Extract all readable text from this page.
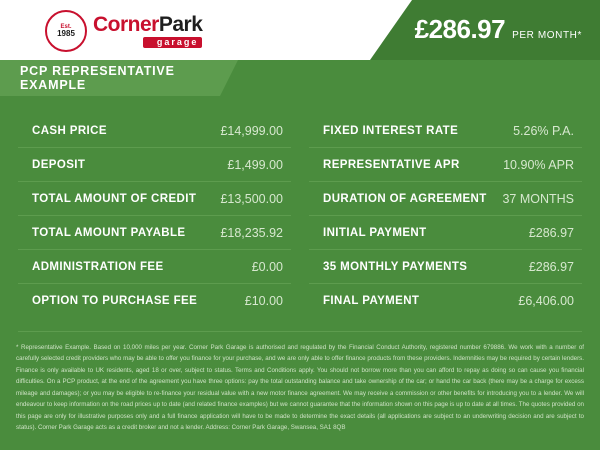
Est.
1985 CornerPark
garage	£286.97 PER MONTH*
PCP REPRESENTATIVE EXAMPLE
CASH PRICE	£14,999.00
DEPOSIT	£1,499.00
TOTAL AMOUNT OF CREDIT £13,500.00
TOTAL AMOUNT PAYABLE	£18,235.92
ADMINISTRATION FEE	£0.00
OPTION TO PURCHASE FEE	£10.00
FIXED INTEREST RATE	5.26% P.A.
REPRESENTATIVE APR	10.90% APR
DURATION OF AGREEMENT 37 MONTHS
INITIAL PAYMENT	£286.97
35 MONTHLY PAYMENTS	£286.97
FINAL PAYMENT	£6,406.00
* Representative Example. Based on 10,000 miles per year. Corner Park Garage is authorised and regulated by the Financial Conduct Authority, registered number 679886. We work with a number of carefully selected credit providers who may be able to offer you finance for your purchase, and we are only able to offer finance products from these providers. Indemnities may be required by certain lenders. Finance is only available to UK residents, aged 18 or over, subject to status. Terms and Conditions apply. You should not borrow more than you can afford to repay as doing so can cause you financial difficulties. On a PCP product, at the end of the agreement you have three options: pay the total outstanding balance and take ownership of the car; or hand the car back (there may be a charge for excess mileage and damages); or you may be eligible to re-finance your residual value with a new motor finance agreement. We may receive a commission or other benefits for introducing you to a lender. We will endeavour to keep information on the road prices up to date (and related finance examples) but we cannot guarantee that the information shown on this page is up to date at all times. The quotes provided on this page are only for illustrative purposes only and a full finance application will have to be made to determine the exact details (all applications are subject to an underwriting decision and are subject to status). Corner Park Garage acts as a credit broker and not a lender. Address: Corner Park Garage, Swansea, SA1 8QB
